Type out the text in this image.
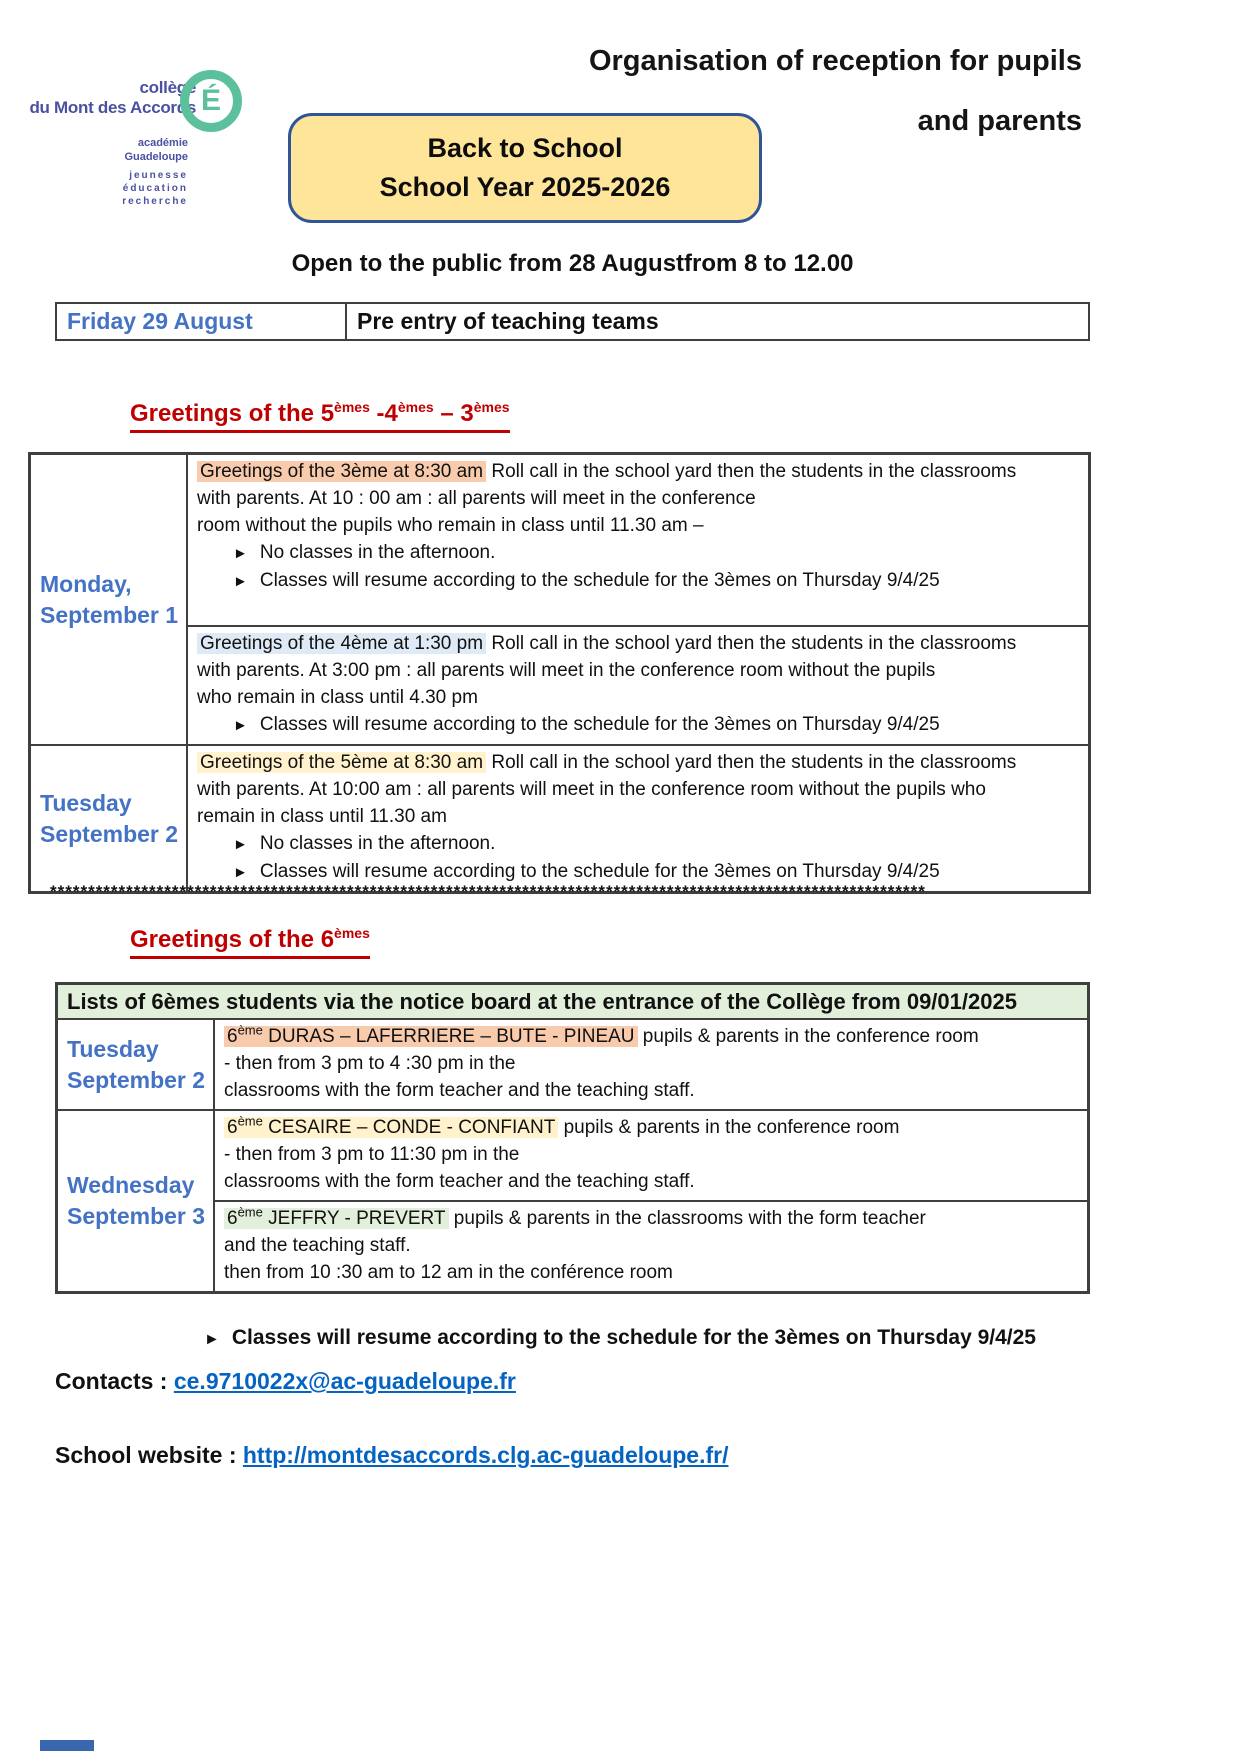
collège
du Mont des Accords É
académie
Guadeloupe
jeunesse
éducation
recherche
Organisation of reception for pupils
and parents
Back to School
School Year 2025-2026
Open to the public from 28 Augustfrom 8 to 12.00
Friday 29 August	Pre entry of teaching teams
Greetings of the 5èmes -4èmes – 3èmes
Monday,
September 1
Greetings of the 3ème at 8:30 am Roll call in the school yard then the students in the classrooms
with parents. At 10 : 00 am : all parents will meet in the conference
room without the pupils who remain in class until 11.30 am –
► No classes in the afternoon.
► Classes will resume according to the schedule for the 3èmes on Thursday 9/4/25
Greetings of the 4ème at 1:30 pm Roll call in the school yard then the students in the classrooms
with parents. At 3:00 pm : all parents will meet in the conference room without the pupils
who remain in class until 4.30 pm
► Classes will resume according to the schedule for the 3èmes on Thursday 9/4/25
Tuesday
September 2
Greetings of the 5ème at 8:30 am Roll call in the school yard then the students in the classrooms
with parents. At 10:00 am : all parents will meet in the conference room without the pupils who
remain in class until 11.30 am
► No classes in the afternoon.
► Classes will resume according to the schedule for the 3èmes on Thursday 9/4/25
*******************************************************************************************************************
Greetings of the 6èmes
Lists of 6èmes students via the notice board at the entrance of the Collège from 09/01/2025
Tuesday
September 2
6ème DURAS – LAFERRIERE – BUTE - PINEAU pupils & parents in the conference room
- then from 3 pm to 4 :30 pm in the
classrooms with the form teacher and the teaching staff.
Wednesday
September 3
6ème CESAIRE – CONDE - CONFIANT pupils & parents in the conference room
- then from 3 pm to 11:30 pm in the
classrooms with the form teacher and the teaching staff.
6ème JEFFRY - PREVERT pupils & parents in the classrooms with the form teacher
and the teaching staff.
then from 10 :30 am to 12 am in the conférence room
► Classes will resume according to the schedule for the 3èmes on Thursday 9/4/25
Contacts : ce.9710022x@ac-guadeloupe.fr
School website : http://montdesaccords.clg.ac-guadeloupe.fr/
